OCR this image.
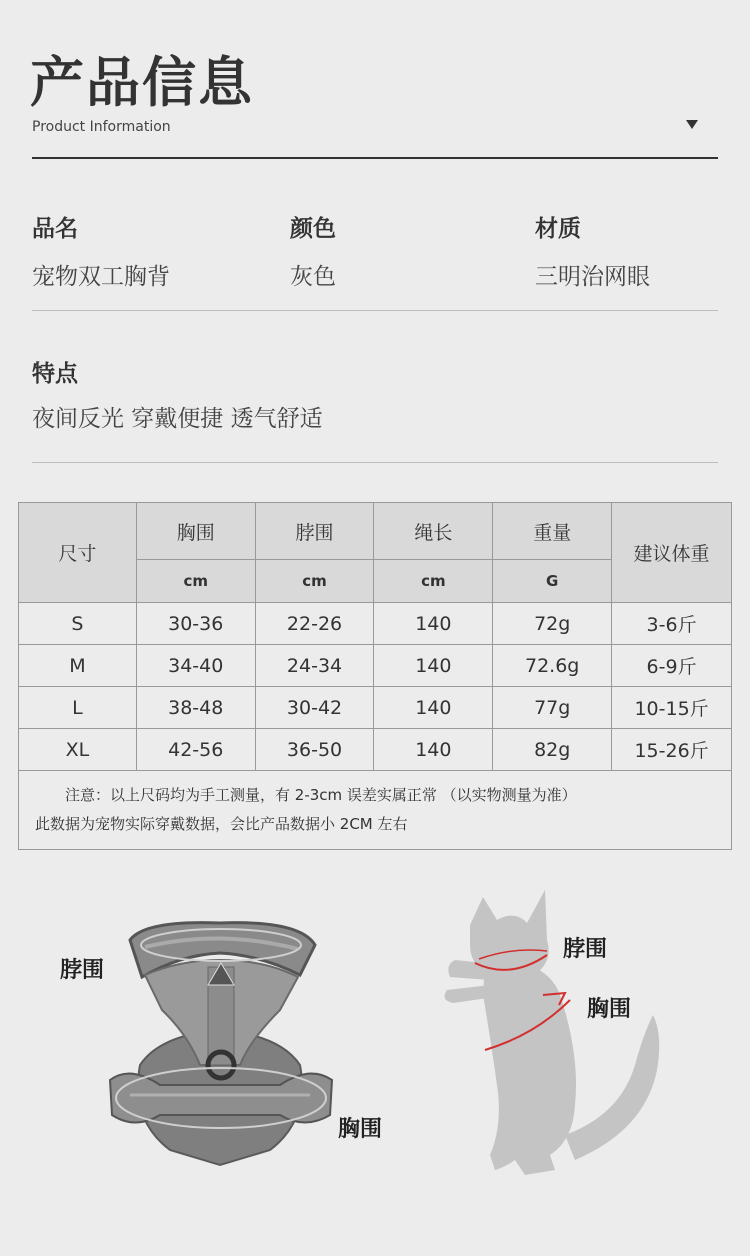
产品信息
Product Information
品名
宠物双工胸背
颜色
灰色
材质
三明治网眼
特点
夜间反光 穿戴便捷 透气舒适
尺寸	胸围	脖围	绳长	重量	建议体重
	cm	cm	cm	G	
S	30-36	22-26	140	72g	3-6斤
M	34-40	24-34	140	72.6g	6-9斤
L	38-48	30-42	140	77g	10-15斤
XL	42-56	36-50	140	82g	15-26斤

注意：以上尺码均为手工测量，有 2-3cm 误差实属正常 （以实物测量为准）
此数据为宠物实际穿戴数据，会比产品数据小 2CM 左右					
脖围
胸围
脖围
胸围
